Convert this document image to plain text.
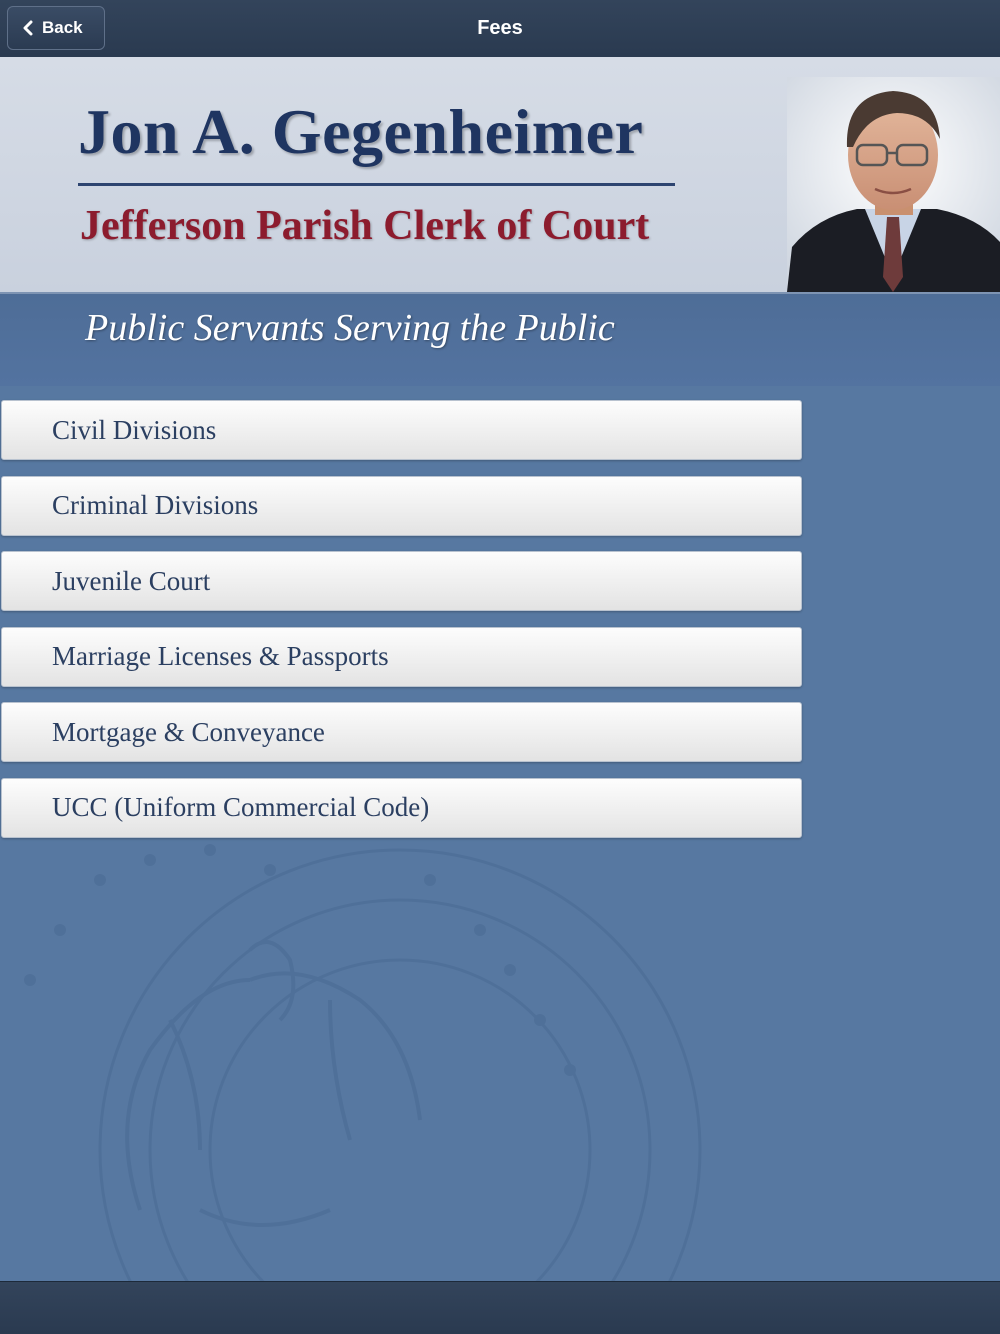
Back	Fees
Jon A. Gegenheimer
Jefferson Parish Clerk of Court

Public Servants Serving the Public

Civil Divisions
Criminal Divisions
Juvenile Court
Marriage Licenses & Passports
Mortgage & Conveyance
UCC (Uniform Commercial Code)
